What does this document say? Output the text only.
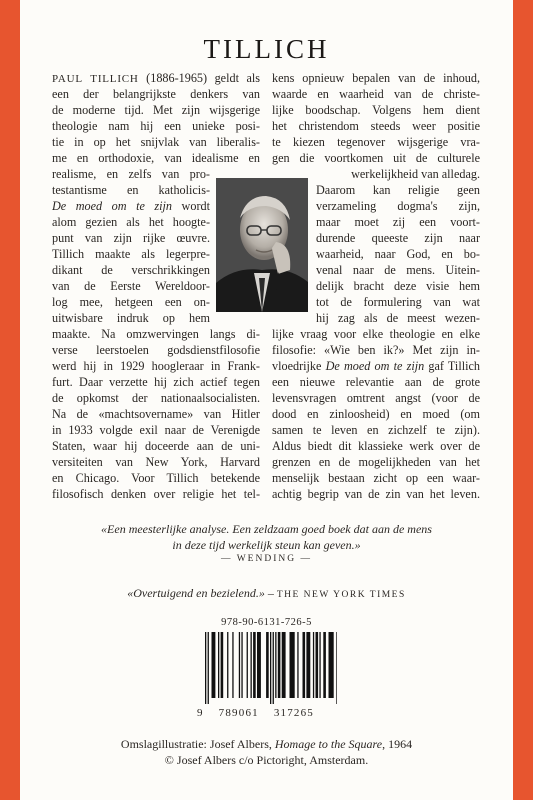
TILLICH
PAUL TILLICH (1886-1965) geldt als
een der belangrijkste denkers van
de moderne tijd. Met zijn wijsgerige
theologie nam hij een unieke posi-
tie in op het snijvlak van liberalis-
me en orthodoxie, van idealisme en
realisme, en zelfs van pro-
testantisme en katholicis-
De moed om te zijn wordt
alom gezien als het hoogte-
punt van zijn rijke œuvre.
Tillich maakte als legerpre-
dikant de verschrikkingen
van de Eerste Wereldoor-
log mee, hetgeen een on-
uitwisbare indruk op hem
maakte. Na omzwervingen langs di-
verse leerstoelen godsdienstfilosofie
werd hij in 1929 hoogleraar in Frank-
furt. Daar verzette hij zich actief tegen
de opkomst der nationaalsocialisten.
Na de «machtsovername» van Hitler
in 1933 volgde exil naar de Verenigde
Staten, waar hij doceerde aan de uni-
versiteiten van New York, Harvard
en Chicago. Voor Tillich betekende
filosofisch denken over religie het tel-
kens opnieuw bepalen van de inhoud,
waarde en waarheid van de christe-
lijke boodschap. Volgens hem dient
het christendom steeds weer positie
te kiezen tegenover wijsgerige vra-
gen die voortkomen uit de culturele
werkelijkheid van alledag.
Daarom kan religie geen
verzameling dogma's zijn,
maar moet zij een voort-
durende queeste zijn naar
waarheid, naar God, en bo-
venal naar de mens. Uitein-
delijk bracht deze visie hem
tot de formulering van wat
hij zag als de meest wezen-
lijke vraag voor elke theologie en elke
filosofie: «Wie ben ik?» Met zijn in-
vloedrijke De moed om te zijn gaf Tillich
een nieuwe relevantie aan de grote
levensvragen omtrent angst (voor de
dood en zinloosheid) en moed (om
samen te leven en zichzelf te zijn).
Aldus biedt dit klassieke werk over de
grenzen en de mogelijkheden van het
menselijk bestaan zicht op een waar-
achtig begrip van de zin van het leven.
«Een meesterlijke analyse. Een zeldzaam goed boek dat aan de mens
in deze tijd werkelijk steun kan geven.»
— WENDING —
«Overtuigend en bezielend.» – THE NEW YORK TIMES
978-90-6131-726-5
9 789061 317265
Omslagillustratie: Josef Albers, Homage to the Square, 1964
© Josef Albers c/o Pictoright, Amsterdam.
